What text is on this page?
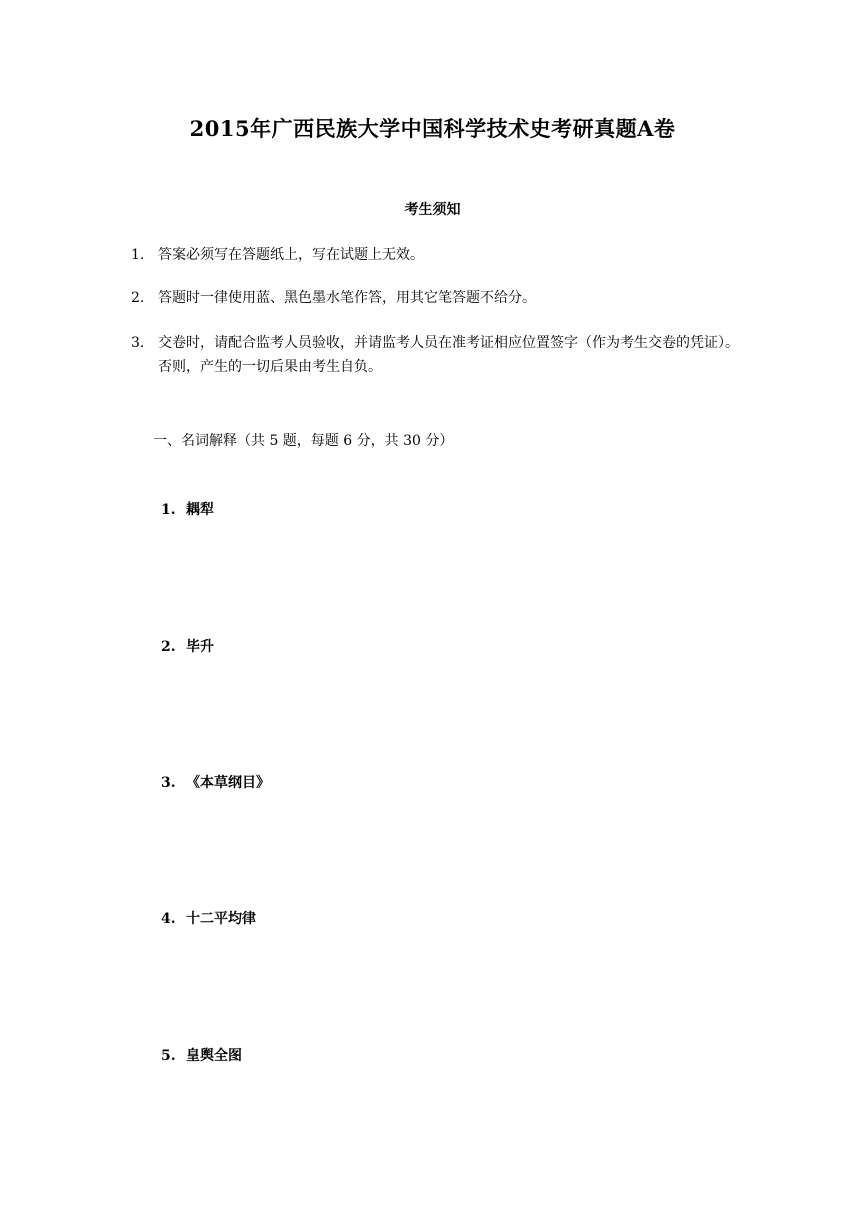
2015年广西民族大学中国科学技术史考研真题A卷
考生须知
1. 答案必须写在答题纸上，写在试题上无效。
2. 答题时一律使用蓝、黑色墨水笔作答，用其它笔答题不给分。
3. 交卷时，请配合监考人员验收，并请监考人员在准考证相应位置签字（作为考生交卷的凭证）。否则，产生的一切后果由考生自负。
一、名词解释（共 5 题，每题 6 分，共 30 分）
1. 耦犁
2. 毕升
3. 《本草纲目》
4. 十二平均律
5. 皇舆全图
